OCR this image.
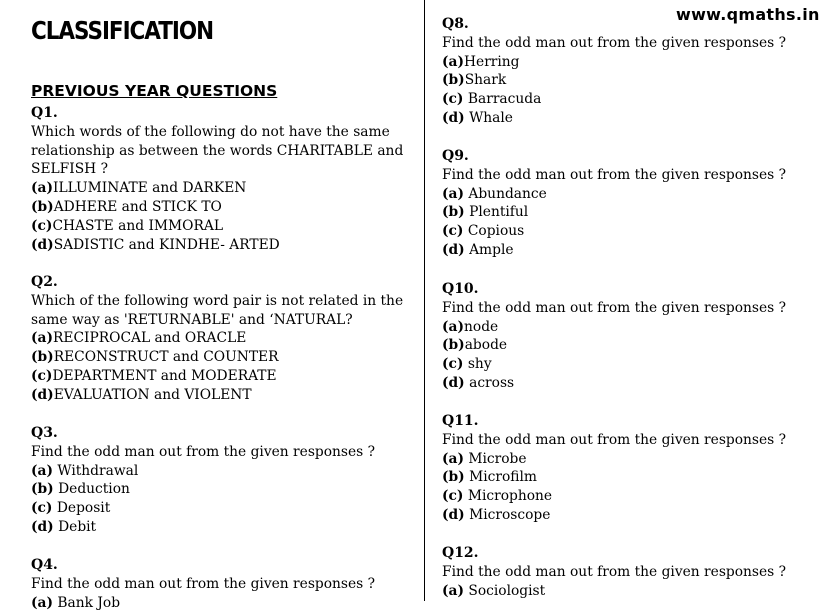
CLASSIFICATION
www.qmaths.in
PREVIOUS YEAR QUESTIONS
Q1.
Which words of the following do not have the same
relationship as between the words CHARITABLE and
SELFISH ?
(a)ILLUMINATE and DARKEN
(b)ADHERE and STICK TO
(c)CHASTE and IMMORAL
(d)SADISTIC and KINDHE- ARTED
Q2.
Which of the following word pair is not related in the
same way as 'RETURNABLE' and ‘NATURAL?
(a)RECIPROCAL and ORACLE
(b)RECONSTRUCT and COUNTER
(c)DEPARTMENT and MODERATE
(d)EVALUATION and VIOLENT
Q3.
Find the odd man out from the given responses ?
(a) Withdrawal
(b) Deduction
(c) Deposit
(d) Debit
Q4.
Find the odd man out from the given responses ?
(a) Bank Job
Q8.
Find the odd man out from the given responses ?
(a)Herring
(b)Shark
(c) Barracuda
(d) Whale
Q9.
Find the odd man out from the given responses ?
(a) Abundance
(b) Plentiful
(c) Copious
(d) Ample
Q10.
Find the odd man out from the given responses ?
(a)node
(b)abode
(c) shy
(d) across
Q11.
Find the odd man out from the given responses ?
(a) Microbe
(b) Microfilm
(c) Microphone
(d) Microscope
Q12.
Find the odd man out from the given responses ?
(a) Sociologist
